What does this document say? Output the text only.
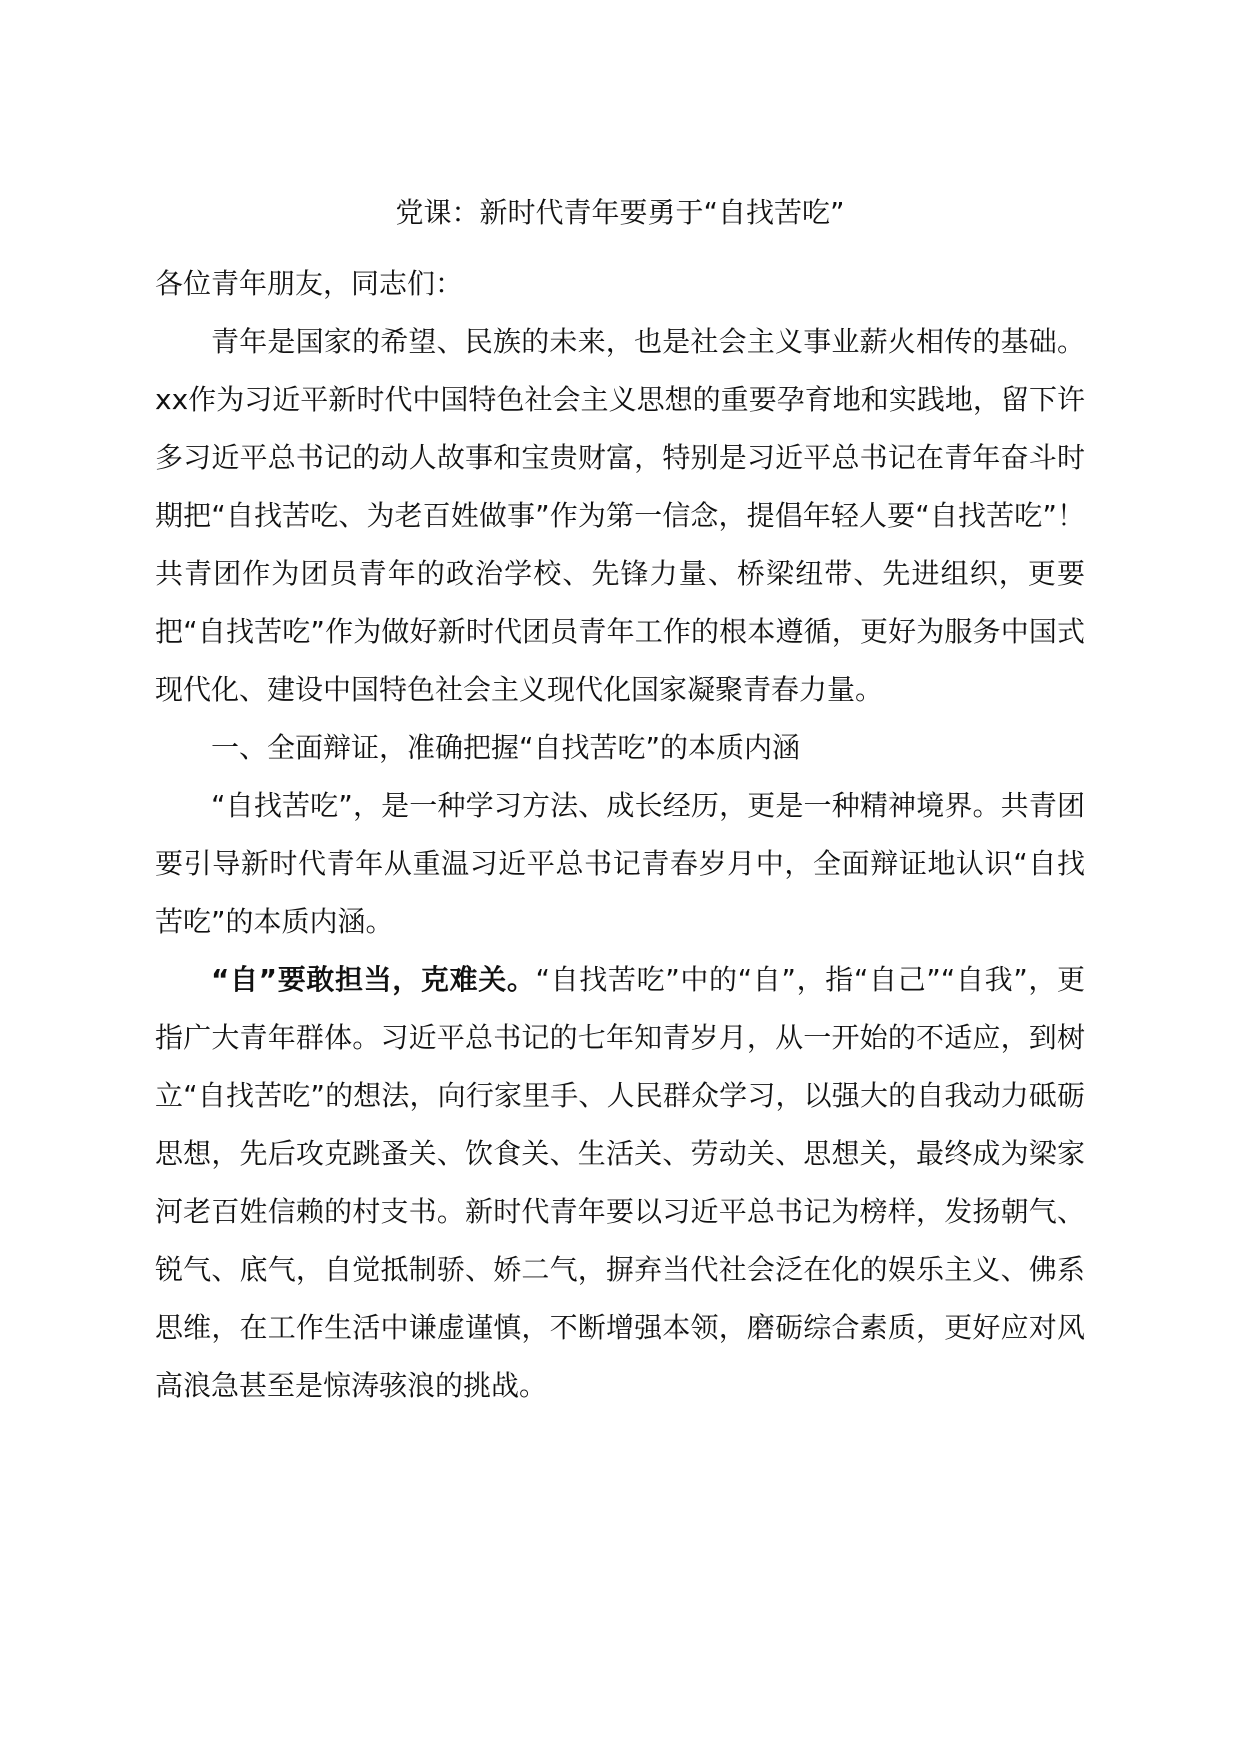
党课：新时代青年要勇于“自找苦吃”

各位青年朋友，同志们：

青年是国家的希望、民族的未来，也是社会主义事业薪火相传的基础。xx作为习近平新时代中国特色社会主义思想的重要孕育地和实践地，留下许多习近平总书记的动人故事和宝贵财富，特别是习近平总书记在青年奋斗时期把“自找苦吃、为老百姓做事”作为第一信念，提倡年轻人要“自找苦吃”！共青团作为团员青年的政治学校、先锋力量、桥梁纽带、先进组织，更要把“自找苦吃”作为做好新时代团员青年工作的根本遵循，更好为服务中国式现代化、建设中国特色社会主义现代化国家凝聚青春力量。

一、全面辩证，准确把握“自找苦吃”的本质内涵

“自找苦吃”，是一种学习方法、成长经历，更是一种精神境界。共青团要引导新时代青年从重温习近平总书记青春岁月中，全面辩证地认识“自找苦吃”的本质内涵。

“自”要敢担当，克难关。“自找苦吃”中的“自”，指“自己”“自我”，更指广大青年群体。习近平总书记的七年知青岁月，从一开始的不适应，到树立“自找苦吃”的想法，向行家里手、人民群众学习，以强大的自我动力砥砺思想，先后攻克跳蚤关、饮食关、生活关、劳动关、思想关，最终成为梁家河老百姓信赖的村支书。新时代青年要以习近平总书记为榜样，发扬朝气、锐气、底气，自觉抵制骄、娇二气，摒弃当代社会泛在化的娱乐主义、佛系思维，在工作生活中谦虚谨慎，不断增强本领，磨砺综合素质，更好应对风高浪急甚至是惊涛骇浪的挑战。
